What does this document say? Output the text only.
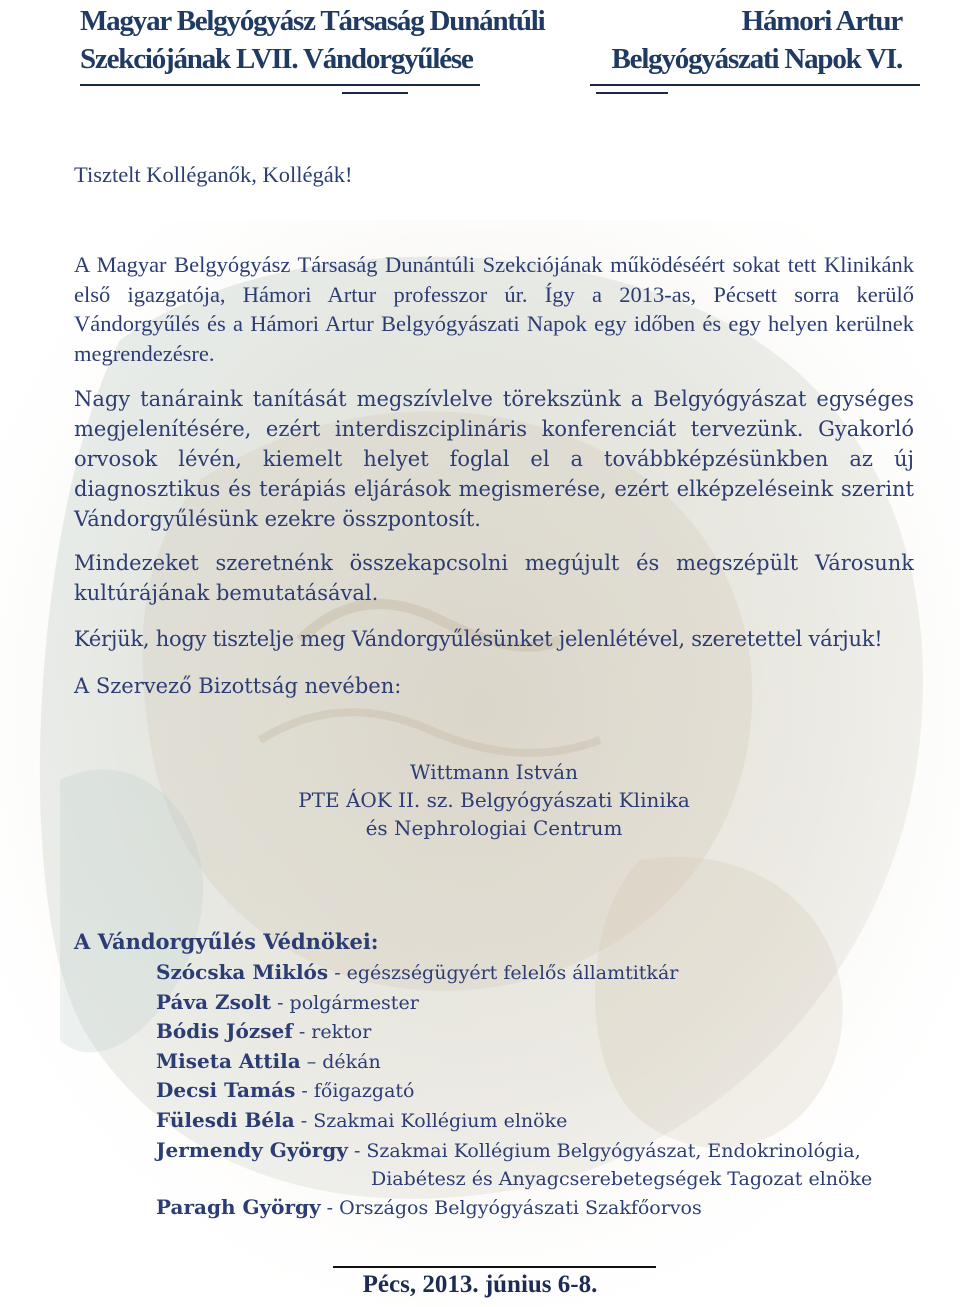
Magyar Belgyógyász Társaság Dunántúli
Szekciójának LVII. Vándorgyűlése
Hámori Artur
Belgyógyászati Napok VI.

Tisztelt Kolléganők, Kollégák!

A Magyar Belgyógyász Társaság Dunántúli Szekciójának működéséért sokat tett Klinikánk első igazgatója, Hámori Artur professzor úr. Így a 2013-as, Pécsett sorra kerülő Vándorgyűlés és a Hámori Artur Belgyógyászati Napok egy időben és egy helyen kerülnek megrendezésre.

Nagy tanáraink tanítását megszívlelve törekszünk a Belgyógyászat egységes megjelenítésére, ezért interdiszciplináris konferenciát tervezünk. Gyakorló orvosok lévén, kiemelt helyet foglal el a továbbképzésünkben az új diagnosztikus és terápiás eljárások megismerése, ezért elképzeléseink szerint Vándorgyűlésünk ezekre összpontosít.

Mindezeket szeretnénk összekapcsolni megújult és megszépült Városunk kultúrájának bemutatásával.

Kérjük, hogy tisztelje meg Vándorgyűlésünket jelenlétével, szeretettel várjuk!

A Szervező Bizottság nevében:

Wittmann István
PTE ÁOK II. sz. Belgyógyászati Klinika
és Nephrologiai Centrum
A Vándorgyűlés Védnökei:
Szócska Miklós - egészségügyért felelős államtitkár
Páva Zsolt - polgármester
Bódis József - rektor
Miseta Attila – dékán
Decsi Tamás - főigazgató
Fülesdi Béla - Szakmai Kollégium elnöke
Jermendy György - Szakmai Kollégium Belgyógyászat, Endokrinológia,
Diabétesz és Anyagcserebetegségek Tagozat elnöke
Paragh György - Országos Belgyógyászati Szakfőorvos
Pécs, 2013. június 6-8.
